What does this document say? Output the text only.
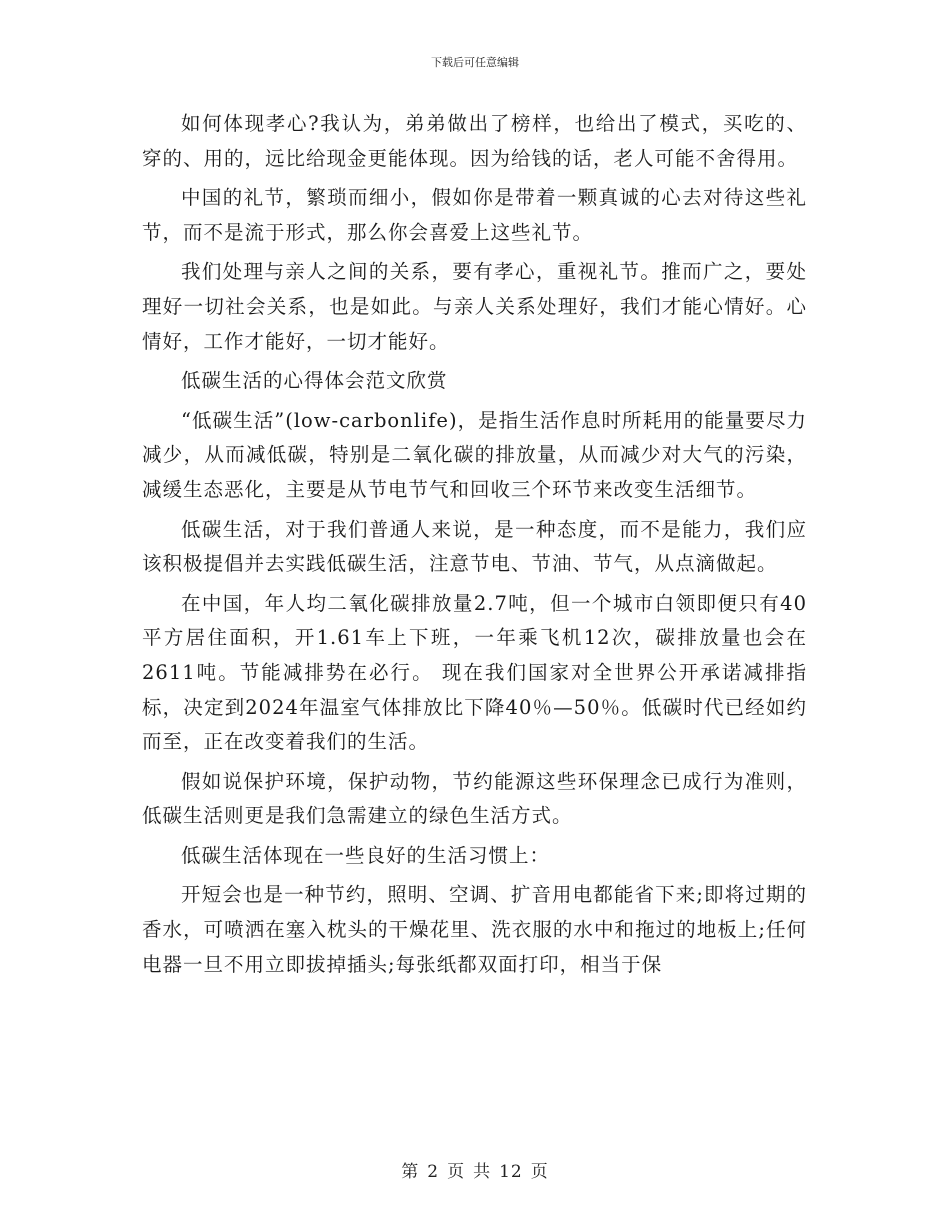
下载后可任意编辑

如何体现孝心?我认为，弟弟做出了榜样，也给出了模式，买吃的、穿的、用的，远比给现金更能体现。因为给钱的话，老人可能不舍得用。

中国的礼节，繁琐而细小，假如你是带着一颗真诚的心去对待这些礼节，而不是流于形式，那么你会喜爱上这些礼节。

我们处理与亲人之间的关系，要有孝心，重视礼节。推而广之，要处理好一切社会关系，也是如此。与亲人关系处理好，我们才能心情好。心情好，工作才能好，一切才能好。

低碳生活的心得体会范文欣赏

“低碳生活”(low-carbonlife)，是指生活作息时所耗用的能量要尽力减少，从而减低碳，特别是二氧化碳的排放量，从而减少对大气的污染，减缓生态恶化，主要是从节电节气和回收三个环节来改变生活细节。

低碳生活，对于我们普通人来说，是一种态度，而不是能力，我们应该积极提倡并去实践低碳生活，注意节电、节油、节气，从点滴做起。

在中国，年人均二氧化碳排放量2.7吨，但一个城市白领即便只有40平方居住面积，开1.61车上下班，一年乘飞机12次，碳排放量也会在2611吨。节能减排势在必行。 现在我们国家对全世界公开承诺减排指标，决定到2024年温室气体排放比下降40％—50％。低碳时代已经如约而至，正在改变着我们的生活。

假如说保护环境，保护动物，节约能源这些环保理念已成行为准则，低碳生活则更是我们急需建立的绿色生活方式。

低碳生活体现在一些良好的生活习惯上：

开短会也是一种节约，照明、空调、扩音用电都能省下来;即将过期的香水，可喷洒在塞入枕头的干燥花里、洗衣服的水中和拖过的地板上;任何电器一旦不用立即拔掉插头;每张纸都双面打印，相当于保

第 2 页 共 12 页
